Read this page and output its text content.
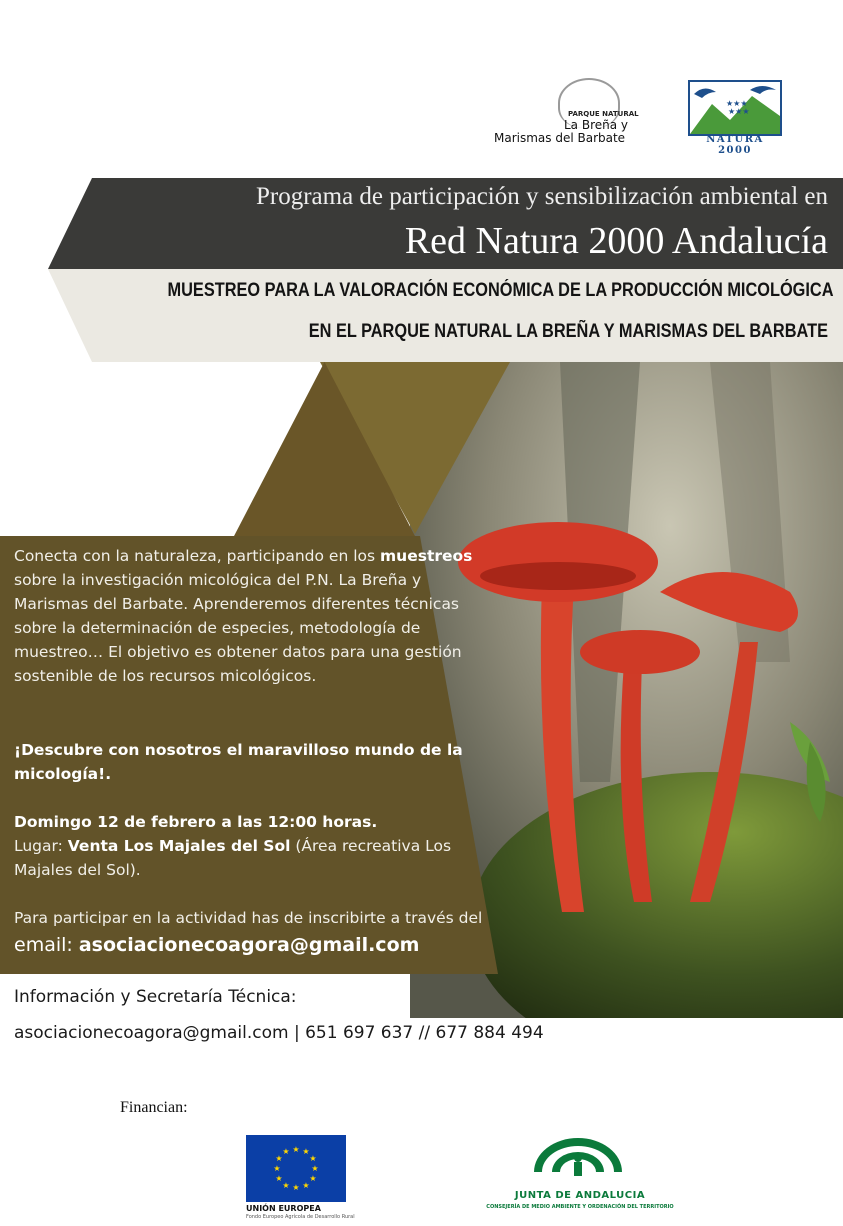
PARQUE NATURAL
La Breña y
Marismas del Barbate
★★★
★★★
NATURA 2000
Programa de participación y sensibilización ambiental en
Red Natura 2000 Andalucía
MUESTREO PARA LA VALORACIÓN ECONÓMICA DE LA PRODUCCIÓN MICOLÓGICA
EN EL PARQUE NATURAL LA BREÑA Y MARISMAS DEL BARBATE
Conecta con la naturaleza, participando en los muestreos sobre la investigación micológica del P.N. La Breña y Marismas del Barbate. Aprenderemos diferentes técnicas sobre la determinación de especies, metodología de muestreo… El objetivo es obtener datos para una gestión sostenible de los recursos micológicos.
¡Descubre con nosotros el maravilloso mundo de la micología!.
Domingo 12 de febrero a las 12:00 horas.
Lugar: Venta Los Majales del Sol (Área recreativa Los Majales del Sol).
Para participar en la actividad has de inscribirte a través del
email: asociacionecoagora@gmail.com
Información y Secretaría Técnica:
asociacionecoagora@gmail.com | 651 697 637 // 677 884 494
Financian:
★ ★
★
★
★
★
★
★
★
★
★
★
UNIÓN EUROPEA
Fondo Europeo Agrícola de Desarrollo Rural
JUNTA DE ANDALUCIA
CONSEJERÍA DE MEDIO AMBIENTE Y ORDENACIÓN DEL TERRITORIO
